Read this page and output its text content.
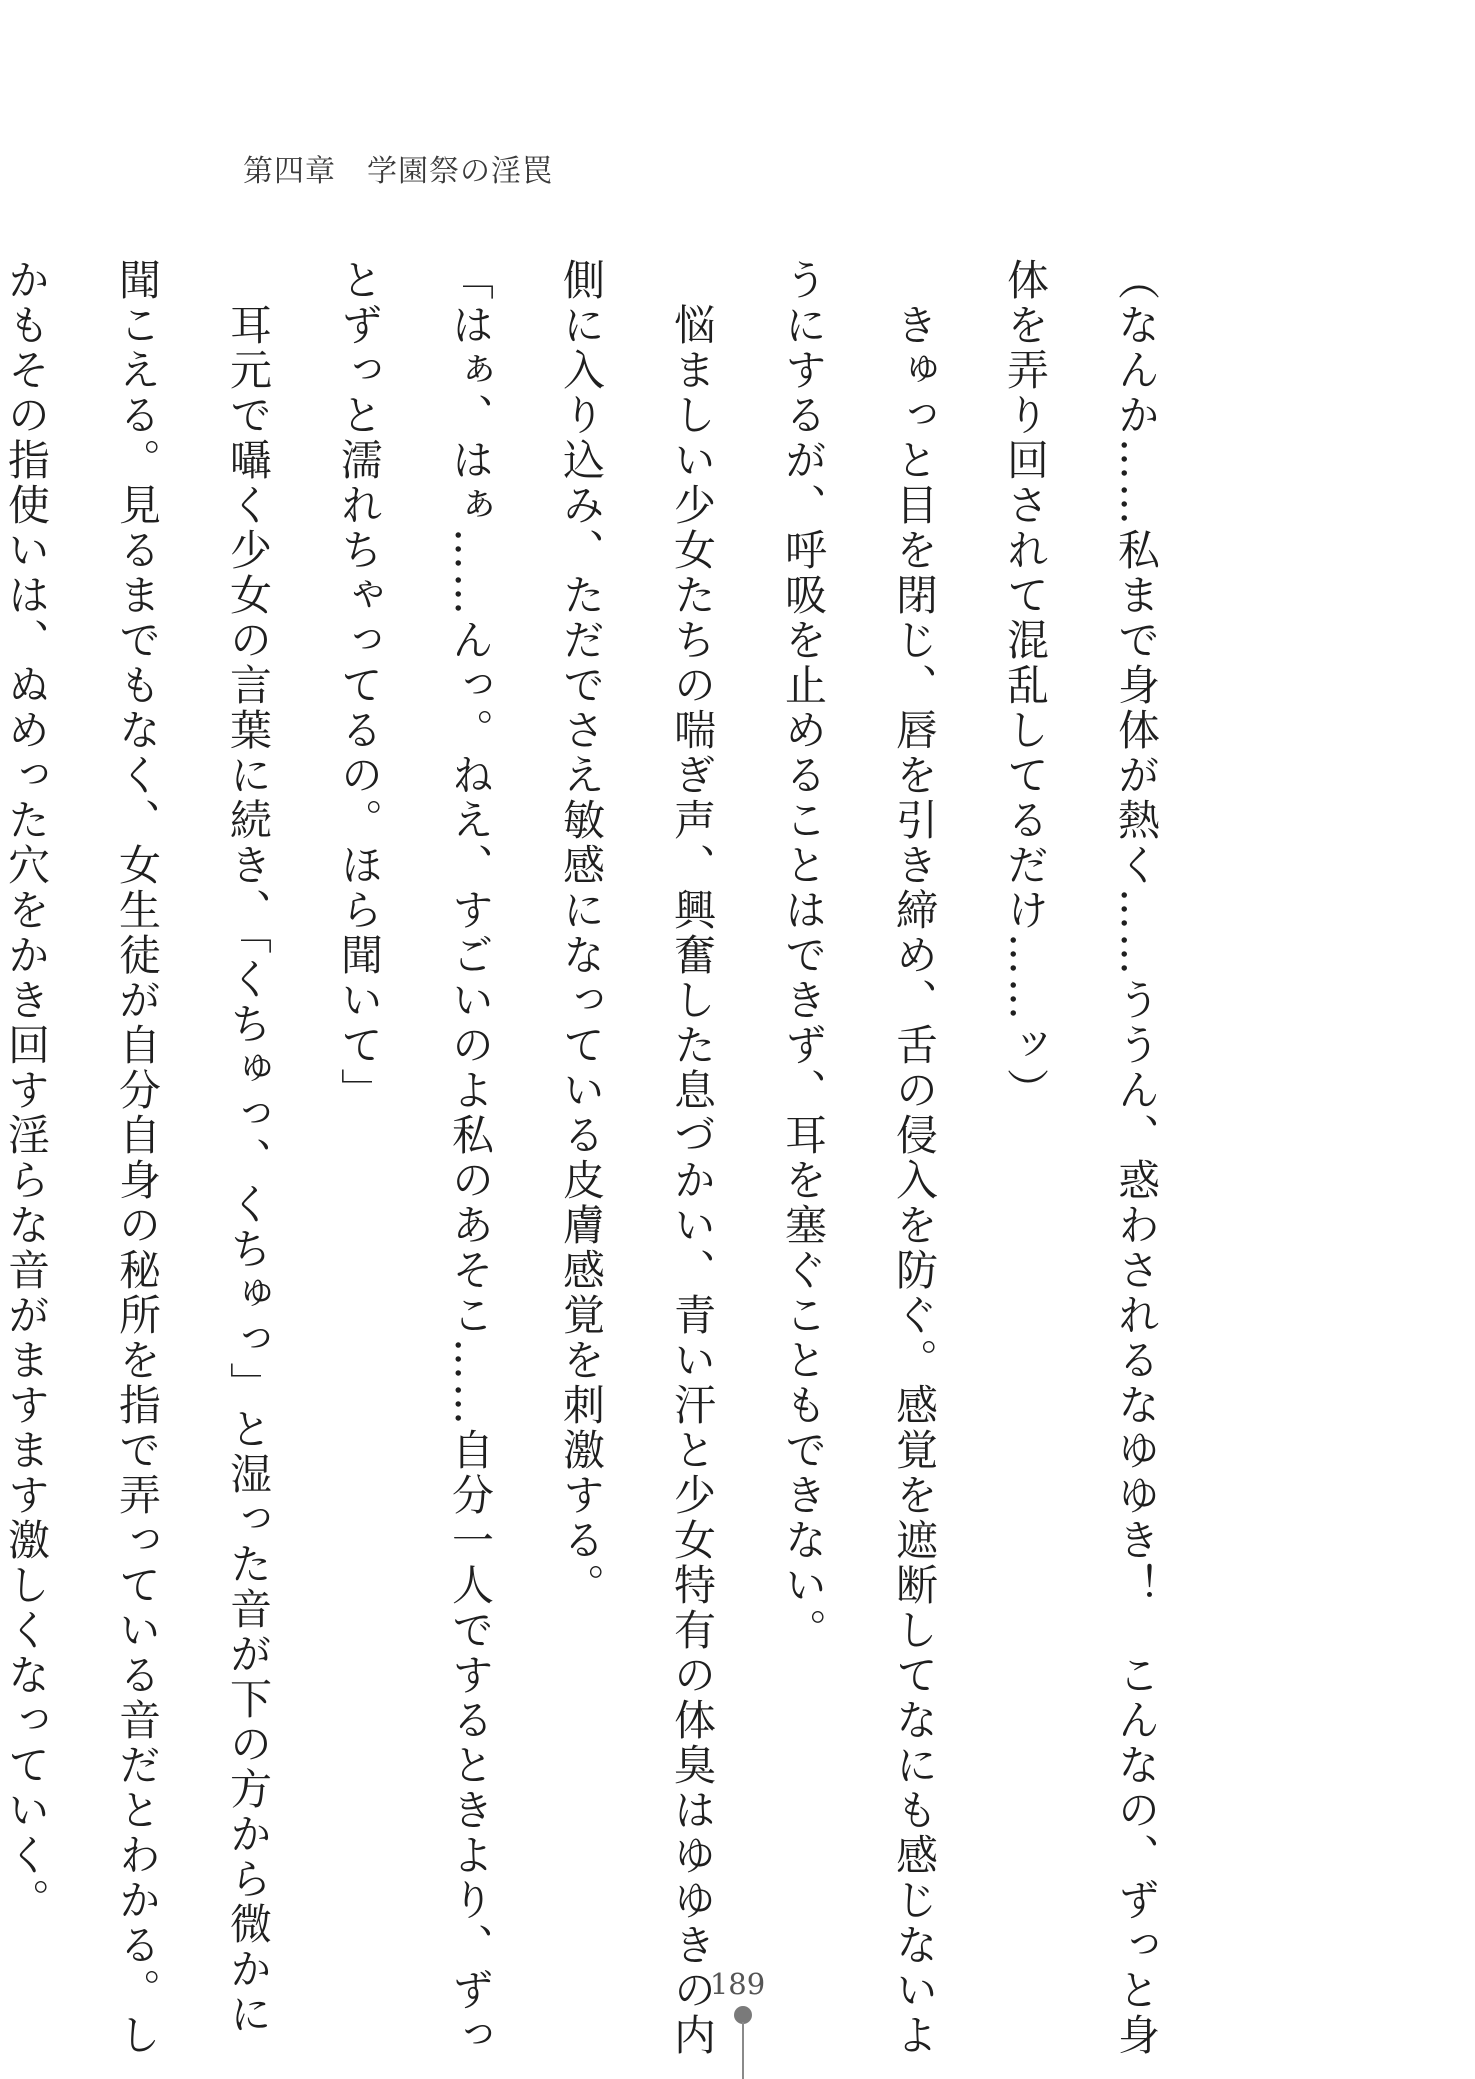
第四章　学園祭の淫罠
（なんか……私まで身体が熱く……ううん、惑わされるなゆゆき！　こんなの、ずっと身
体を弄り回されて混乱してるだけ……ッ）
　きゅっと目を閉じ、唇を引き締め、舌の侵入を防ぐ。感覚を遮断してなにも感じないよ
うにするが、呼吸を止めることはできず、耳を塞ぐこともできない。
　悩ましい少女たちの喘ぎ声、興奮した息づかい、青い汗と少女特有の体臭はゆゆきの内
側に入り込み、ただでさえ敏感になっている皮膚感覚を刺激する。
「はぁ、はぁ……んっ。ねえ、すごいのよ私のあそこ……自分一人でするときより、ずっ
とずっと濡れちゃってるの。ほら聞いて」
　耳元で囁く少女の言葉に続き、「くちゅっ、くちゅっ」と湿った音が下の方から微かに
聞こえる。見るまでもなく、女生徒が自分自身の秘所を指で弄っている音だとわかる。し
かもその指使いは、ぬめった穴をかき回す淫らな音がますます激しくなっていく。
189
